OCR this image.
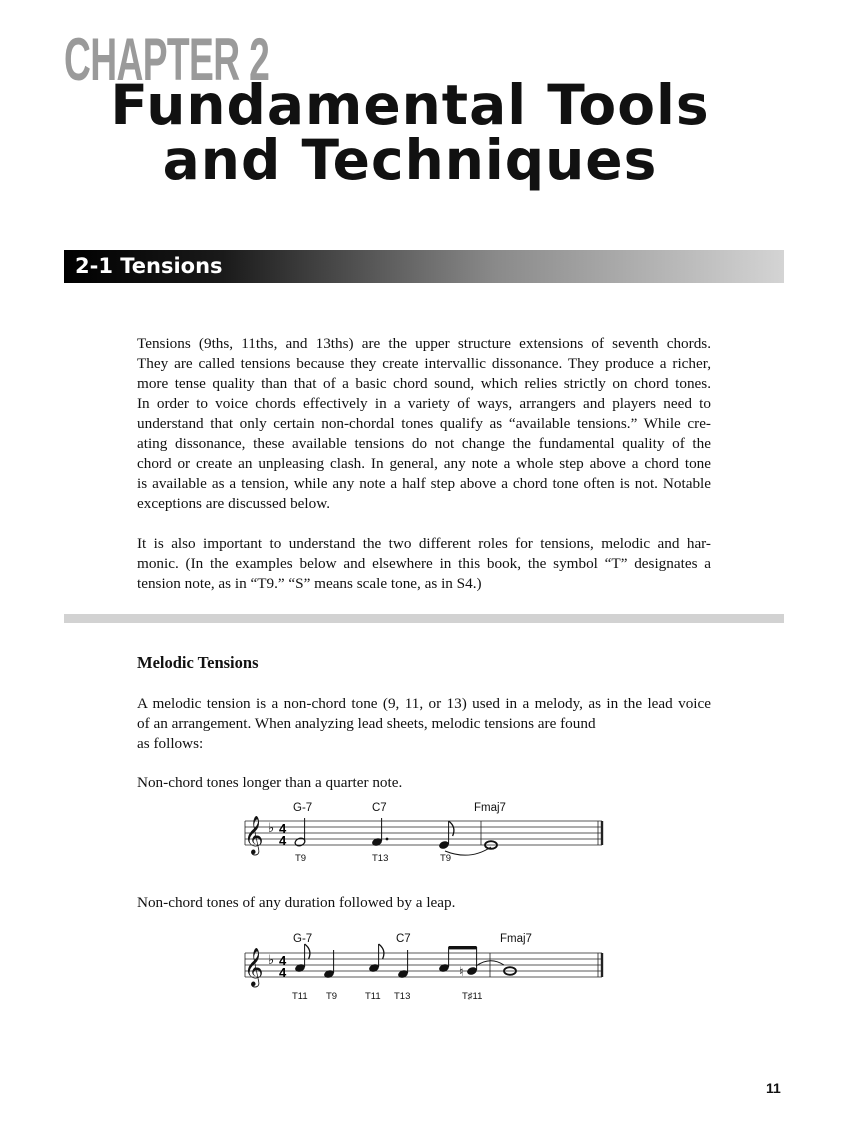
CHAPTER 2
Fundamental Tools
and Techniques
2-1 Tensions
Tensions (9ths, 11ths, and 13ths) are the upper structure extensions of seventh chords.
They are called tensions because they create intervallic dissonance. They produce a richer,
more tense quality than that of a basic chord sound, which relies strictly on chord tones.
In order to voice chords effectively in a variety of ways, arrangers and players need to
understand that only certain non-chordal tones qualify as “available tensions.” While cre-
ating dissonance, these available tensions do not change the fundamental quality of the
chord or create an unpleasing clash. In general, any note a whole step above a chord tone
is available as a tension, while any note a half step above a chord tone often is not. Notable
exceptions are discussed below.
It is also important to understand the two different roles for tensions, melodic and har-
monic. (In the examples below and elsewhere in this book, the symbol “T” designates a
tension note, as in “T9.” “S” means scale tone, as in S4.)
Melodic Tensions
A melodic tension is a non-chord tone (9, 11, or 13) used in a melody, as in the lead voice
of an arrangement. When analyzing lead sheets, melodic tensions are found
as follows:
Non-chord tones longer than a quarter note.
G-7	C7	Fmaj7
𝄞 ♭ 4
4
T9	T13	T9
Non-chord tones of any duration followed by a leap.
G-7	C7	Fmaj7
𝄞 ♭ 4
4	♮
T11 T9	T11 T13	T♯11
11
